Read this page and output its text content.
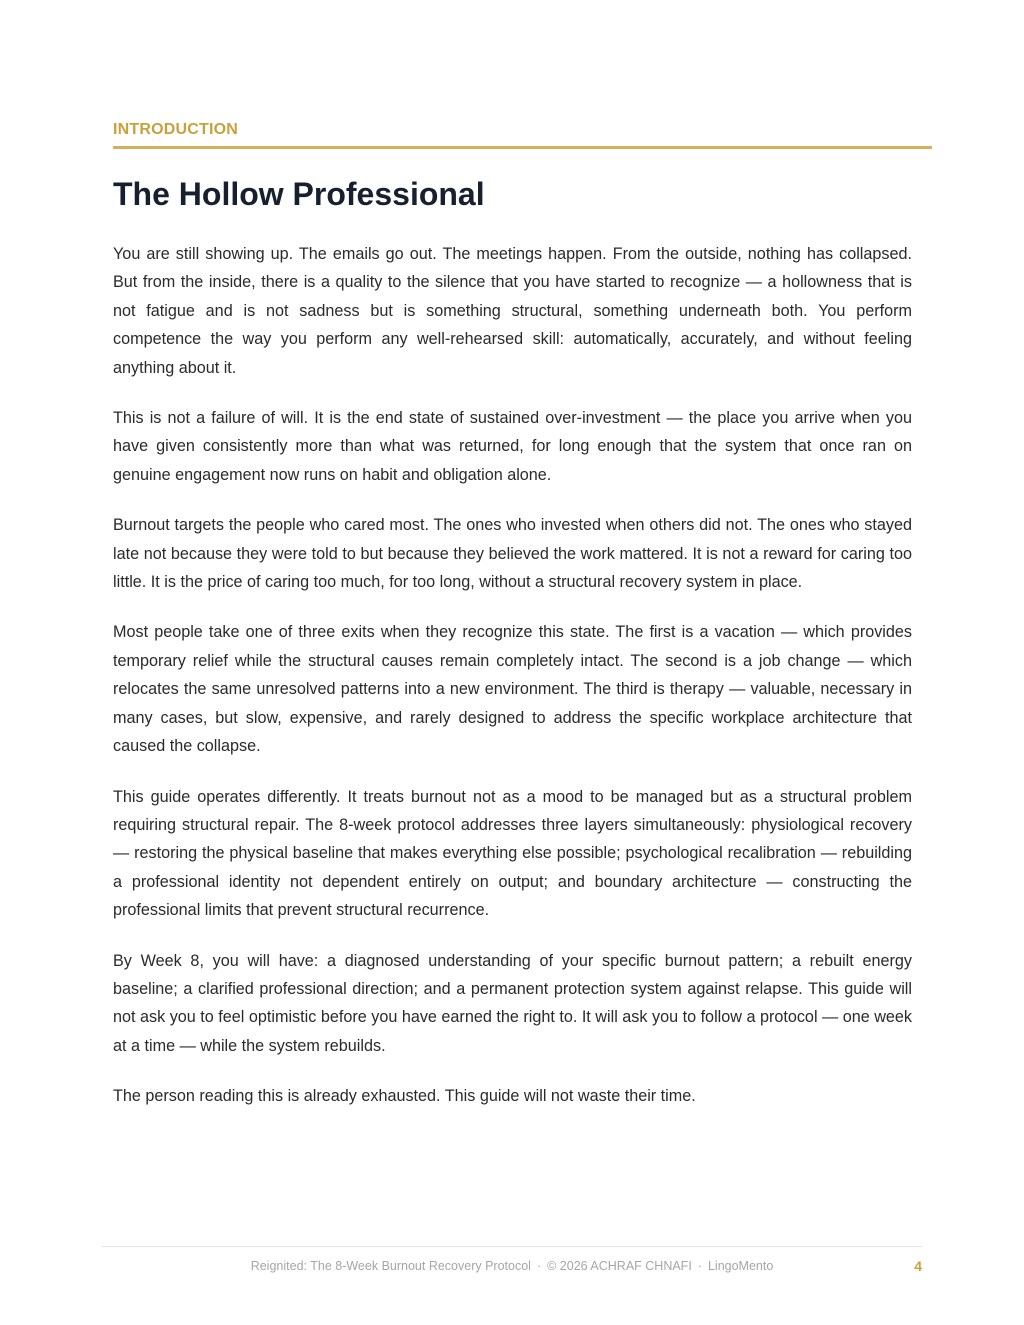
INTRODUCTION
The Hollow Professional

You are still showing up. The emails go out. The meetings happen. From the outside, nothing has collapsed. But from the inside, there is a quality to the silence that you have started to recognize — a hollowness that is not fatigue and is not sadness but is something structural, something underneath both. You perform competence the way you perform any well-rehearsed skill: automatically, accurately, and without feeling anything about it.

This is not a failure of will. It is the end state of sustained over-investment — the place you arrive when you have given consistently more than what was returned, for long enough that the system that once ran on genuine engagement now runs on habit and obligation alone.

Burnout targets the people who cared most. The ones who invested when others did not. The ones who stayed late not because they were told to but because they believed the work mattered. It is not a reward for caring too little. It is the price of caring too much, for too long, without a structural recovery system in place.

Most people take one of three exits when they recognize this state. The first is a vacation — which provides temporary relief while the structural causes remain completely intact. The second is a job change — which relocates the same unresolved patterns into a new environment. The third is therapy — valuable, necessary in many cases, but slow, expensive, and rarely designed to address the specific workplace architecture that caused the collapse.

This guide operates differently. It treats burnout not as a mood to be managed but as a structural problem requiring structural repair. The 8-week protocol addresses three layers simultaneously: physiological recovery — restoring the physical baseline that makes everything else possible; psychological recalibration — rebuilding a professional identity not dependent entirely on output; and boundary architecture — constructing the professional limits that prevent structural recurrence.

By Week 8, you will have: a diagnosed understanding of your specific burnout pattern; a rebuilt energy baseline; a clarified professional direction; and a permanent protection system against relapse. This guide will not ask you to feel optimistic before you have earned the right to. It will ask you to follow a protocol — one week at a time — while the system rebuilds.

The person reading this is already exhausted. This guide will not waste their time.

Reignited: The 8-Week Burnout Recovery Protocol · © 2026 ACHRAF CHNAFI · LingoMento	4
